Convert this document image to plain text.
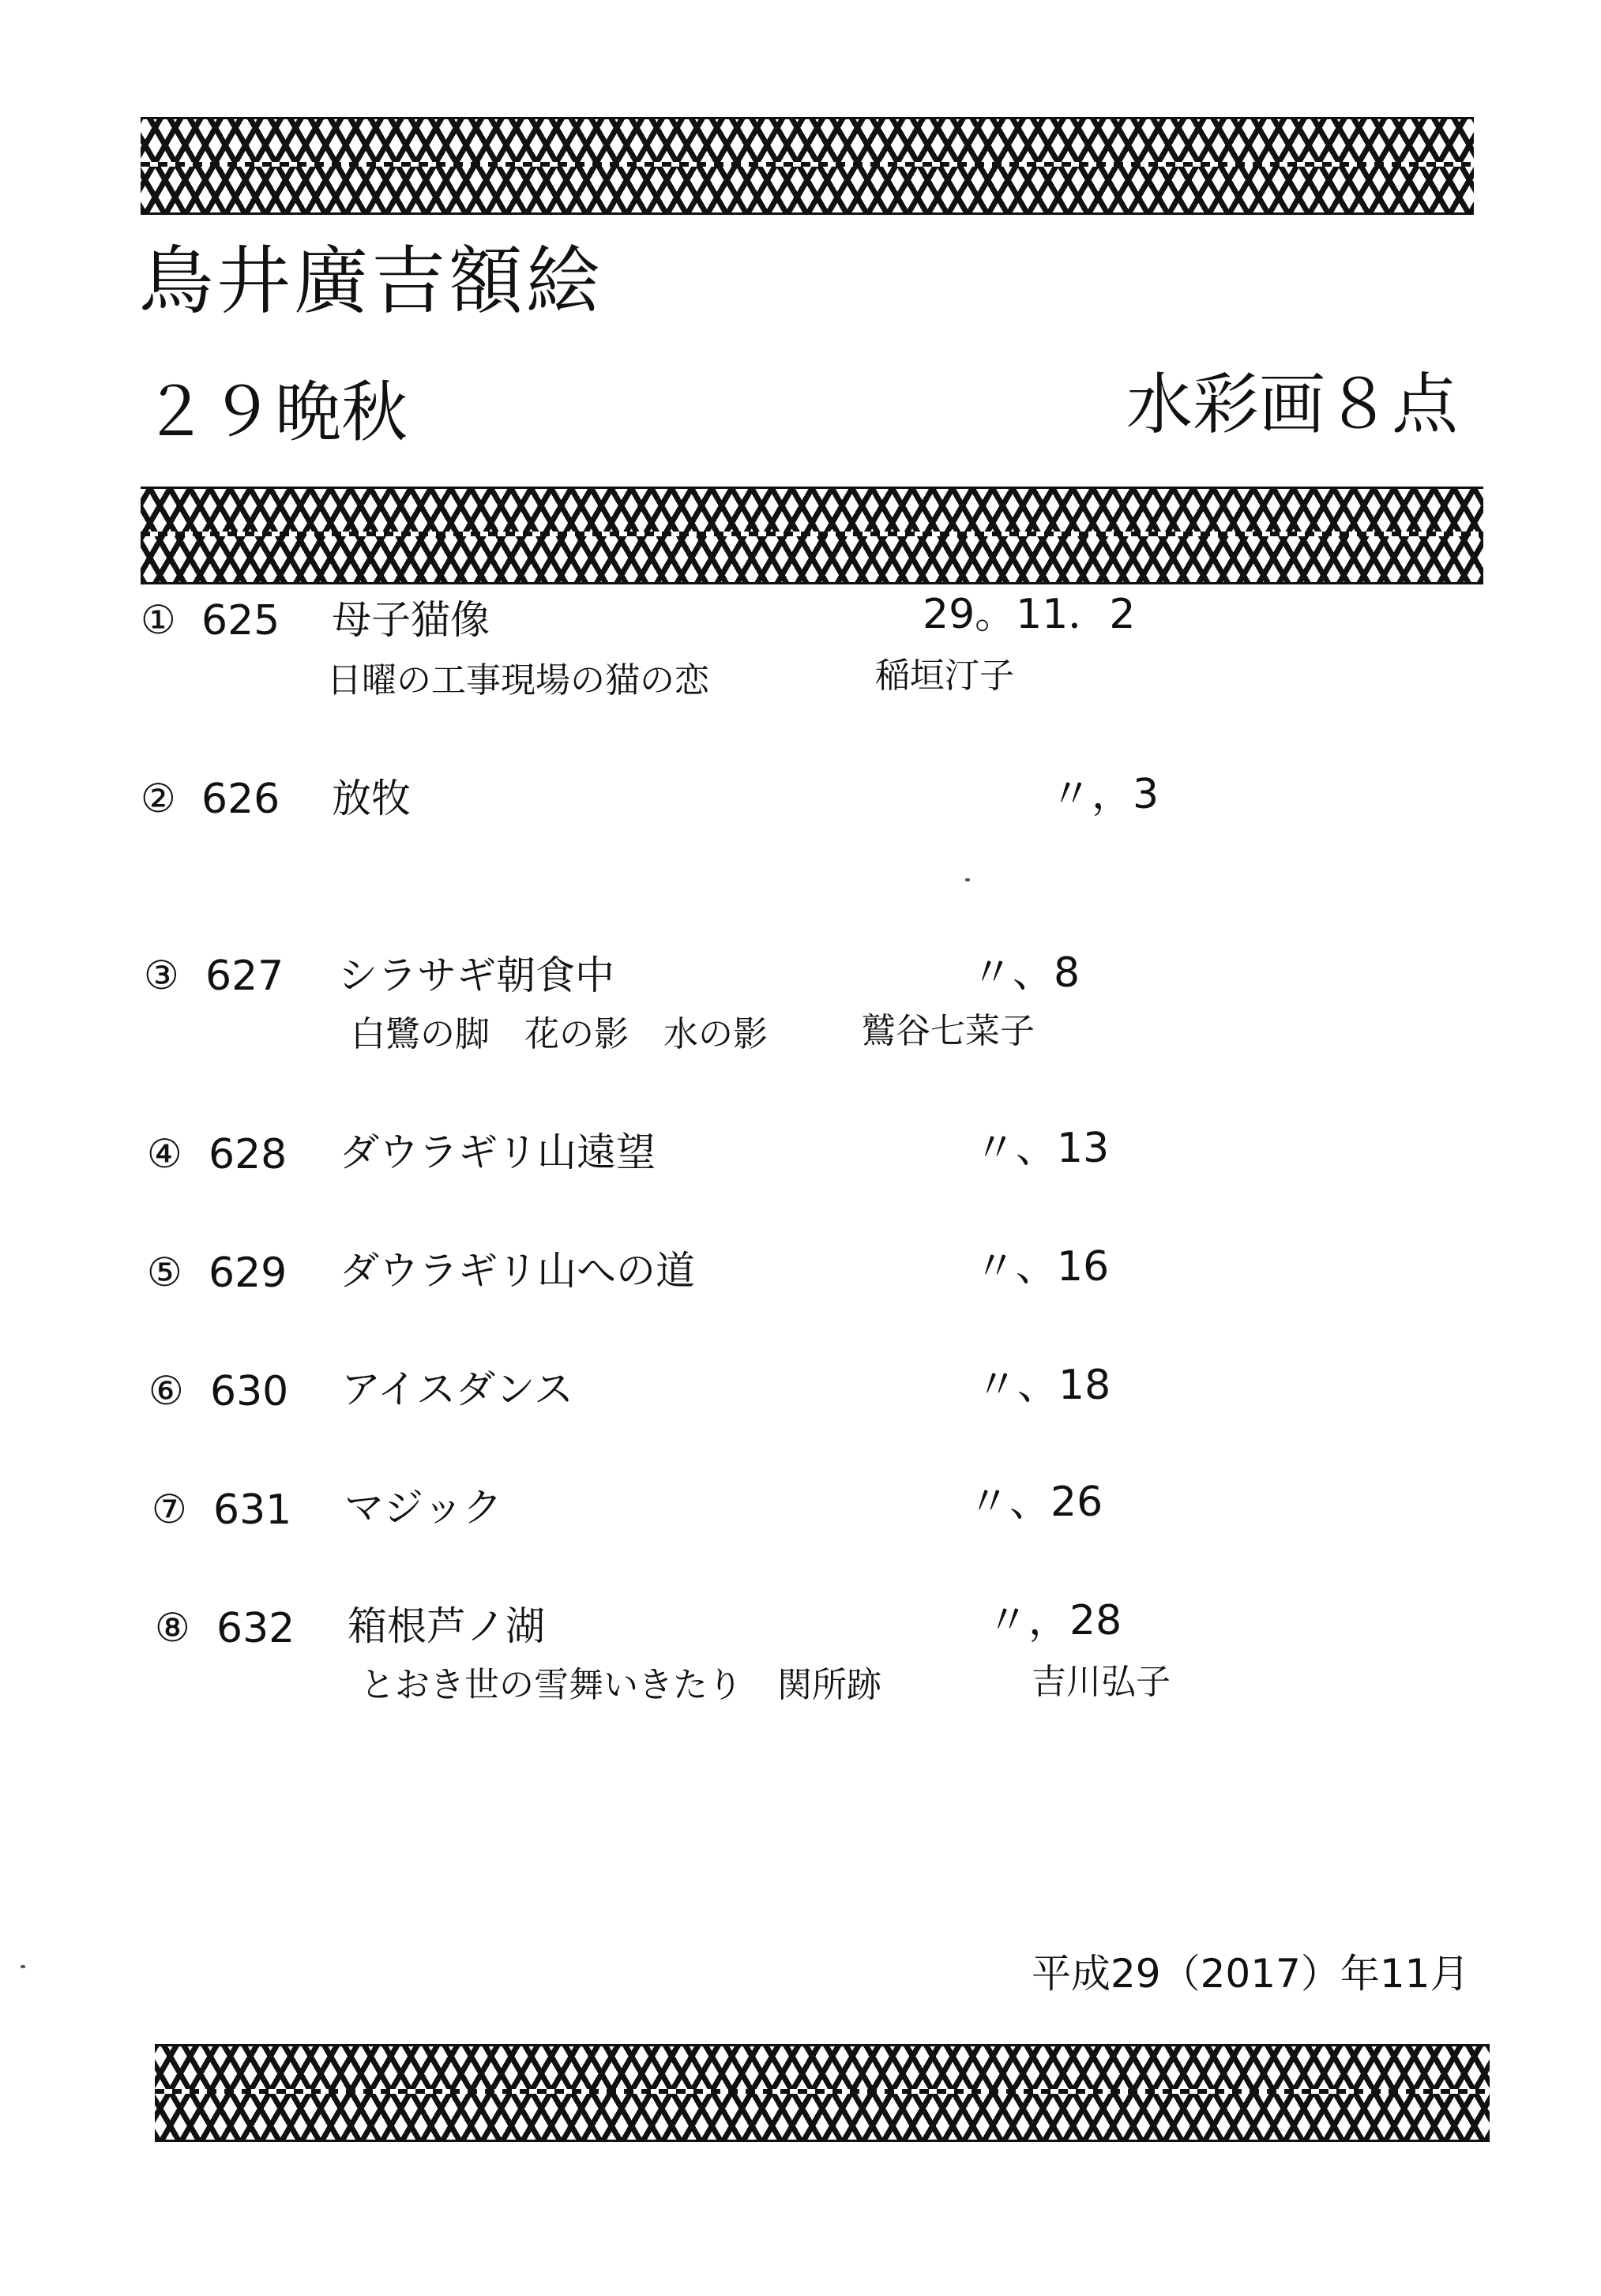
鳥井廣吉額絵
２９晩秋	水彩画８点
① 625 母子猫像	29。11．2
日曜の工事現場の猫の恋	稲垣汀子
② 626 放牧	〃，3
③ 627 シラサギ朝食中	〃、8
白鷺の脚　花の影　水の影	鷲谷七菜子
④ 628 ダウラギリ山遠望	〃、13
⑤ 629 ダウラギリ山への道	〃、16
⑥ 630 アイスダンス	〃、18
⑦ 631 マジック	〃、26
⑧ 632 箱根芦ノ湖	〃，28
とおき世の雪舞いきたり　関所跡	吉川弘子
平成29（2017）年11月
